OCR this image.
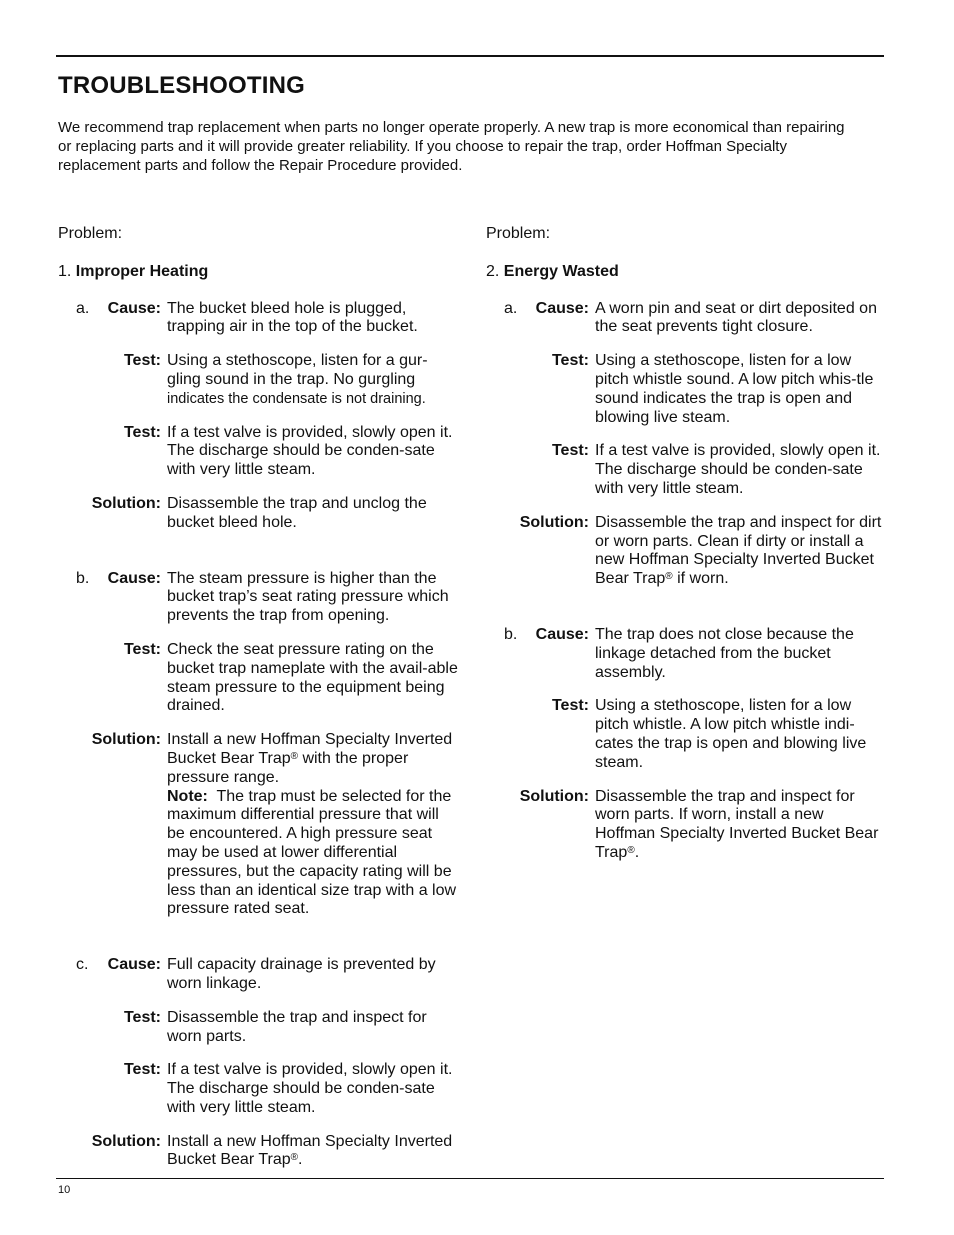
TROUBLESHOOTING

We recommend trap replacement when parts no longer operate properly. A new trap is more economical than repairing or replacing parts and it will provide greater reliability. If you choose to repair the trap, order Hoffman Specialty replacement parts and follow the Repair Procedure provided.

Problem:

1. Improper Heating

a.	Cause: The bucket bleed hole is plugged, trapping air in the top of the bucket.
Test: Using a stethoscope, listen for a gur-gling sound in the trap. No gurgling indicates the condensate is not draining.
Test: If a test valve is provided, slowly open it. The discharge should be conden-sate with very little steam.
Solution: Disassemble the trap and unclog the bucket bleed hole.
b.	Cause: The steam pressure is higher than the bucket trap’s seat rating pressure which prevents the trap from opening.
Test: Check the seat pressure rating on the bucket trap nameplate with the avail-able steam pressure to the equipment being drained.
Solution: Install a new Hoffman Specialty Inverted Bucket Bear Trap® with the proper pressure range.
Note: The trap must be selected for the maximum differential pressure that will be encountered. A high pressure seat may be used at lower differential pressures, but the capacity rating will be less than an identical size trap with a low pressure rated seat.
c.	Cause: Full capacity drainage is prevented by worn linkage.
Test: Disassemble the trap and inspect for worn parts.
Test: If a test valve is provided, slowly open it. The discharge should be conden-sate with very little steam.
Solution: Install a new Hoffman Specialty Inverted Bucket Bear Trap®.

Problem:

2. Energy Wasted

a.	Cause: A worn pin and seat or dirt deposited on the seat prevents tight closure.
Test: Using a stethoscope, listen for a low pitch whistle sound. A low pitch whis-tle sound indicates the trap is open and blowing live steam.
Test: If a test valve is provided, slowly open it. The discharge should be conden-sate with very little steam.
Solution: Disassemble the trap and inspect for dirt or worn parts. Clean if dirty or install a new Hoffman Specialty Inverted Bucket Bear Trap® if worn.
b.	Cause: The trap does not close because the linkage detached from the bucket assembly.
Test: Using a stethoscope, listen for a low pitch whistle. A low pitch whistle indi-cates the trap is open and blowing live steam.
Solution: Disassemble the trap and inspect for worn parts. If worn, install a new Hoffman Specialty Inverted Bucket Bear Trap®.
10
